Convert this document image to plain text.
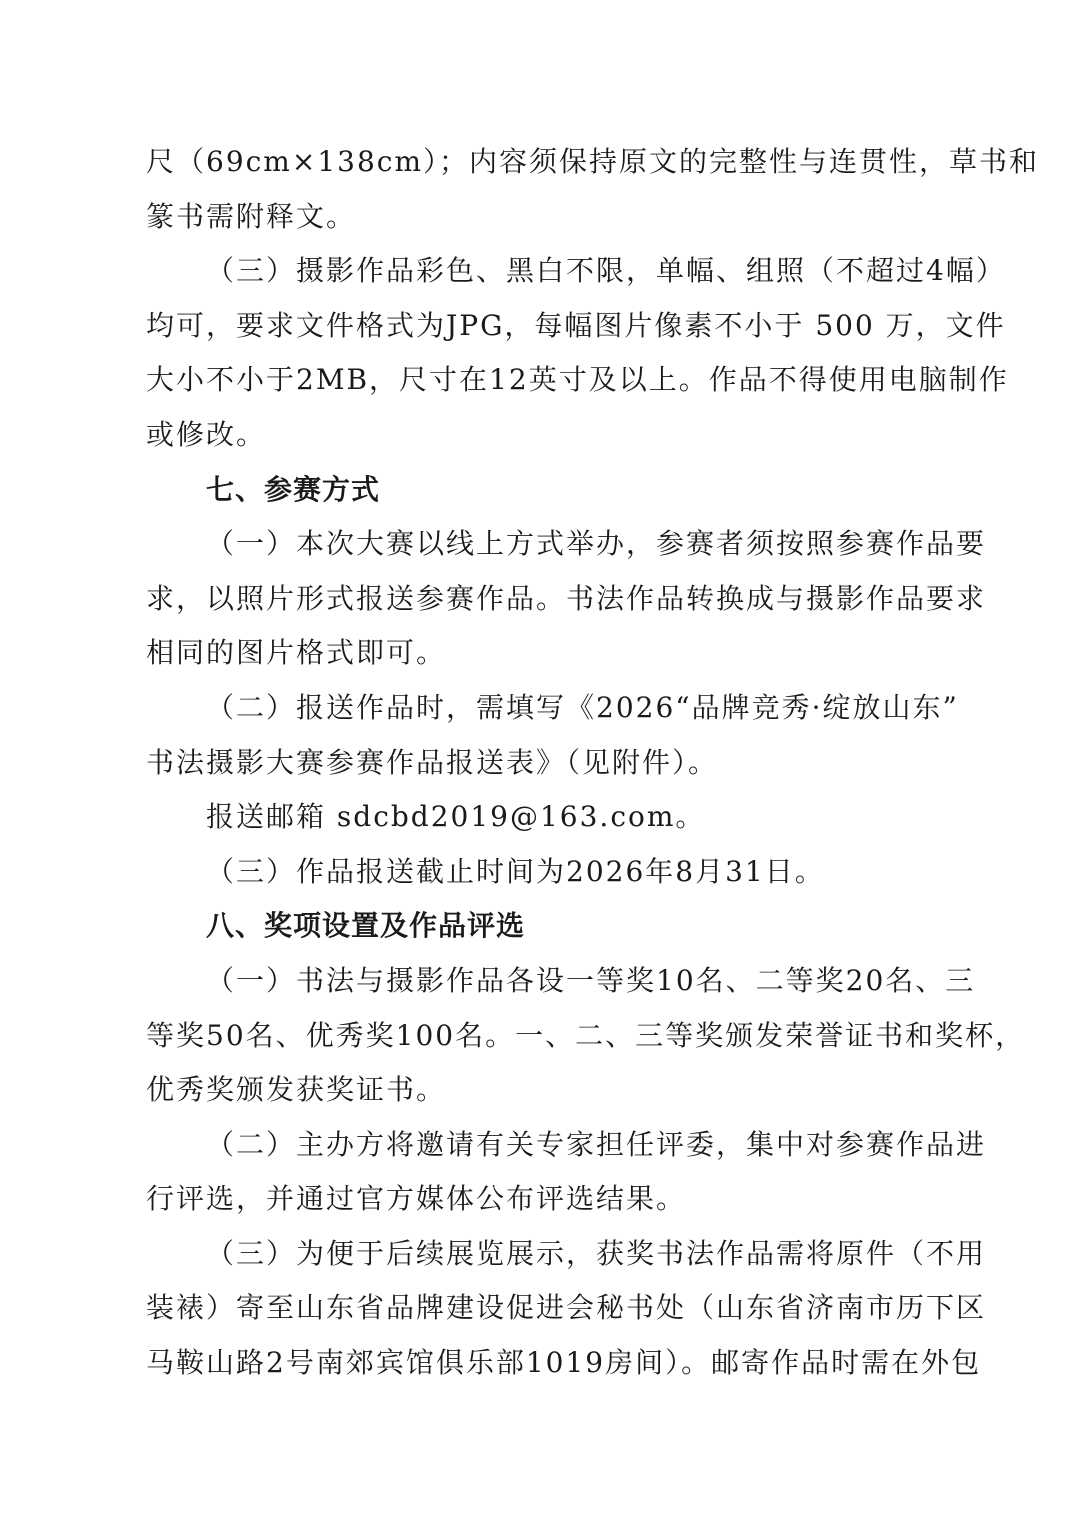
尺（69cm×138cm）；内容须保持原文的完整性与连贯性，草书和
篆书需附释文。
（三）摄影作品彩色、黑白不限，单幅、组照（不超过4幅）
均可，要求文件格式为JPG，每幅图片像素不小于 500 万，文件
大小不小于2MB，尺寸在12英寸及以上。作品不得使用电脑制作
或修改。
七、参赛方式
（一）本次大赛以线上方式举办，参赛者须按照参赛作品要
求，以照片形式报送参赛作品。书法作品转换成与摄影作品要求
相同的图片格式即可。
（二）报送作品时，需填写《2026“品牌竞秀·绽放山东”
书法摄影大赛参赛作品报送表》（见附件）。
报送邮箱 sdcbd2019@163.com。
（三）作品报送截止时间为2026年8月31日。
八、奖项设置及作品评选
（一）书法与摄影作品各设一等奖10名、二等奖20名、三
等奖50名、优秀奖100名。一、二、三等奖颁发荣誉证书和奖杯，
优秀奖颁发获奖证书。
（二）主办方将邀请有关专家担任评委，集中对参赛作品进
行评选，并通过官方媒体公布评选结果。
（三）为便于后续展览展示，获奖书法作品需将原件（不用
装裱）寄至山东省品牌建设促进会秘书处（山东省济南市历下区
马鞍山路2号南郊宾馆俱乐部1019房间）。邮寄作品时需在外包
